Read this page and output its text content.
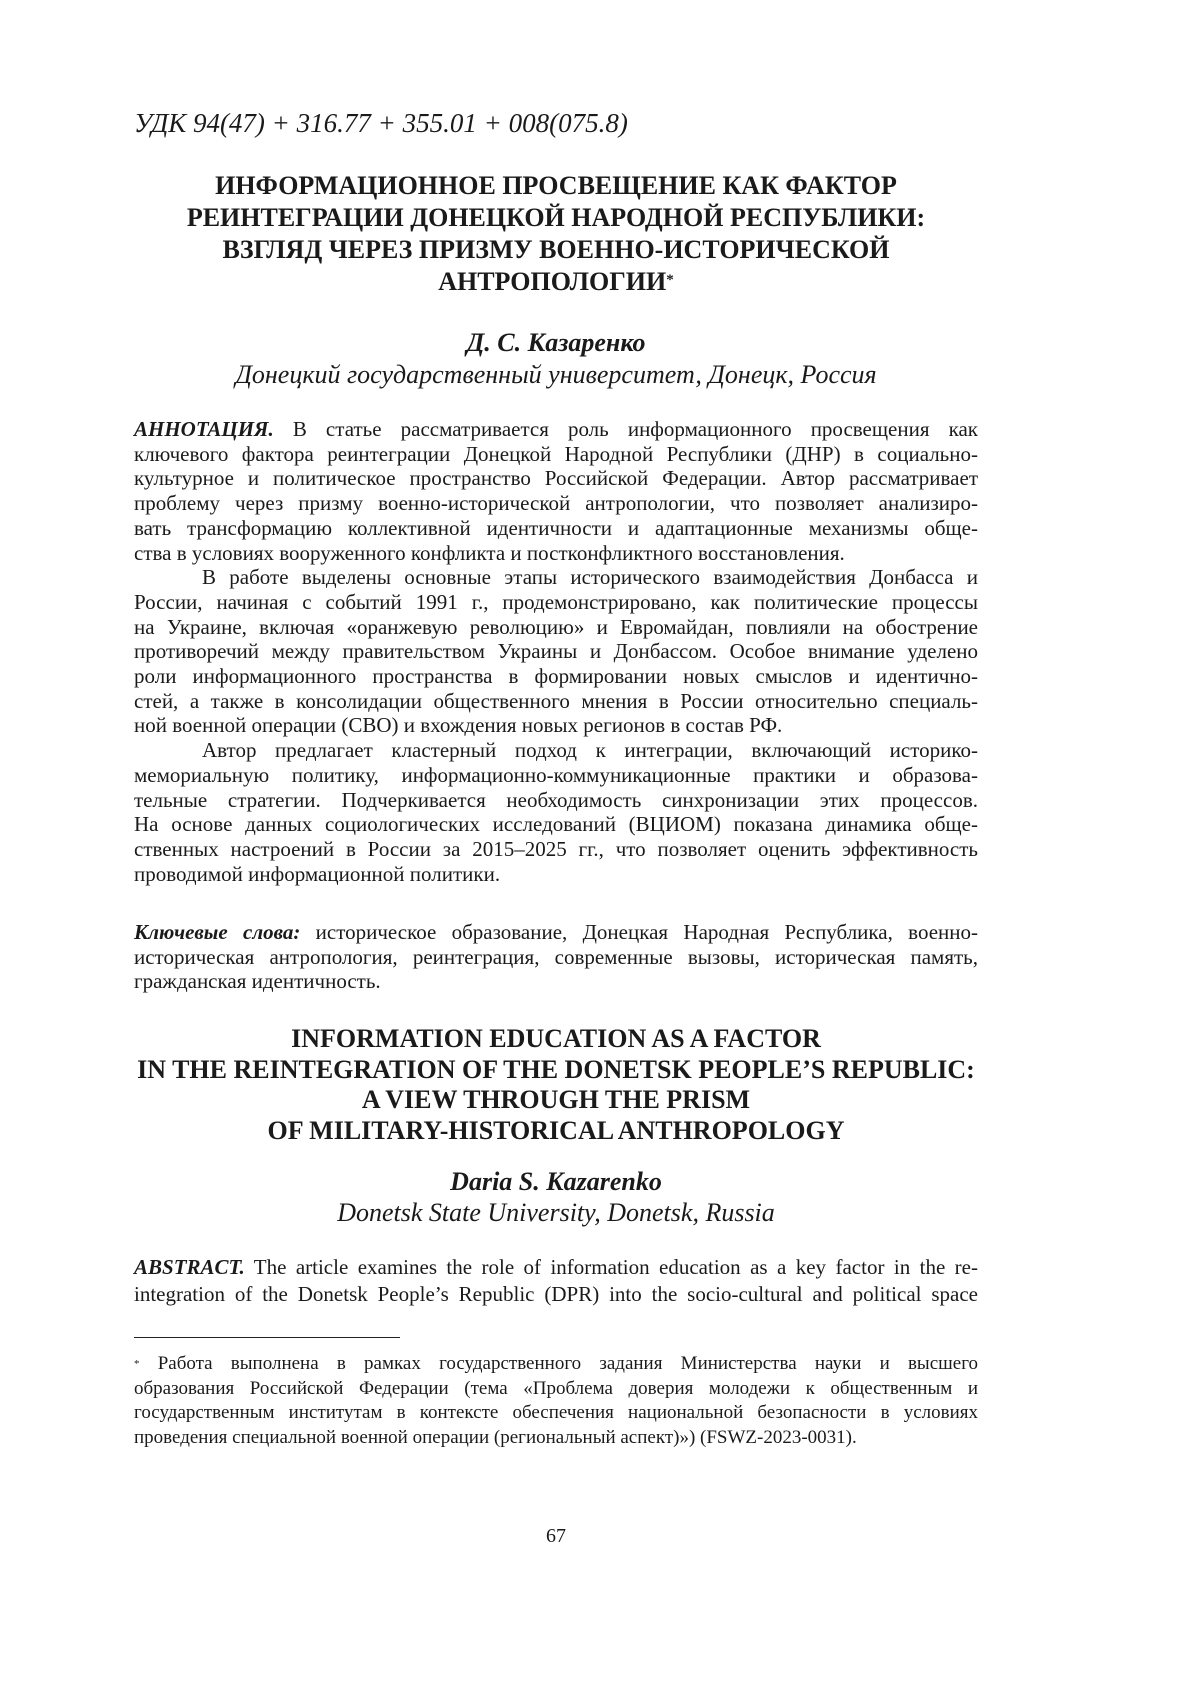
УДК 94(47) + 316.77 + 355.01 + 008(075.8)
ИНФОРМАЦИОННОЕ ПРОСВЕЩЕНИЕ КАК ФАКТОР
РЕИНТЕГРАЦИИ ДОНЕЦКОЙ НАРОДНОЙ РЕСПУБЛИКИ:
ВЗГЛЯД ЧЕРЕЗ ПРИЗМУ ВОЕННО-ИСТОРИЧЕСКОЙ
АНТРОПОЛОГИИ*
Д. С. Казаренко
Донецкий государственный университет, Донецк, Россия
АННОТАЦИЯ. В статье рассматривается роль информационного просвещения как
ключевого фактора реинтеграции Донецкой Народной Республики (ДНР) в социально-
культурное и политическое пространство Российской Федерации. Автор рассматривает
проблему через призму военно-исторической антропологии, что позволяет анализиро-
вать трансформацию коллективной идентичности и адаптационные механизмы обще-
ства в условиях вооруженного конфликта и постконфликтного восстановления.
В работе выделены основные этапы исторического взаимодействия Донбасса и
России, начиная с событий 1991 г., продемонстрировано, как политические процессы
на Украине, включая «оранжевую революцию» и Евромайдан, повлияли на обострение
противоречий между правительством Украины и Донбассом. Особое внимание уделено
роли информационного пространства в формировании новых смыслов и идентично-
стей, а также в консолидации общественного мнения в России относительно специаль-
ной военной операции (СВО) и вхождения новых регионов в состав РФ.
Автор предлагает кластерный подход к интеграции, включающий историко-
мемориальную политику, информационно-коммуникационные практики и образова-
тельные стратегии. Подчеркивается необходимость синхронизации этих процессов.
На основе данных социологических исследований (ВЦИОМ) показана динамика обще-
ственных настроений в России за 2015–2025 гг., что позволяет оценить эффективность
проводимой информационной политики.
Ключевые слова: историческое образование, Донецкая Народная Республика, военно-
историческая антропология, реинтеграция, современные вызовы, историческая память,
гражданская идентичность.
INFORMATION EDUCATION AS A FACTOR
IN THE REINTEGRATION OF THE DONETSK PEOPLE’S REPUBLIC:
A VIEW THROUGH THE PRISM
OF MILITARY-HISTORICAL ANTHROPOLOGY
Daria S. Kazarenko
Donetsk State University, Donetsk, Russia
ABSTRACT. The article examines the role of information education as a key factor in the re-
integration of the Donetsk People’s Republic (DPR) into the socio-cultural and political space
* Работа выполнена в рамках государственного задания Министерства науки и высшего
образования Российской Федерации (тема «Проблема доверия молодежи к общественным и
государственным институтам в контексте обеспечения национальной безопасности в условиях
проведения специальной военной операции (региональный аспект)») (FSWZ-2023-0031).
67
